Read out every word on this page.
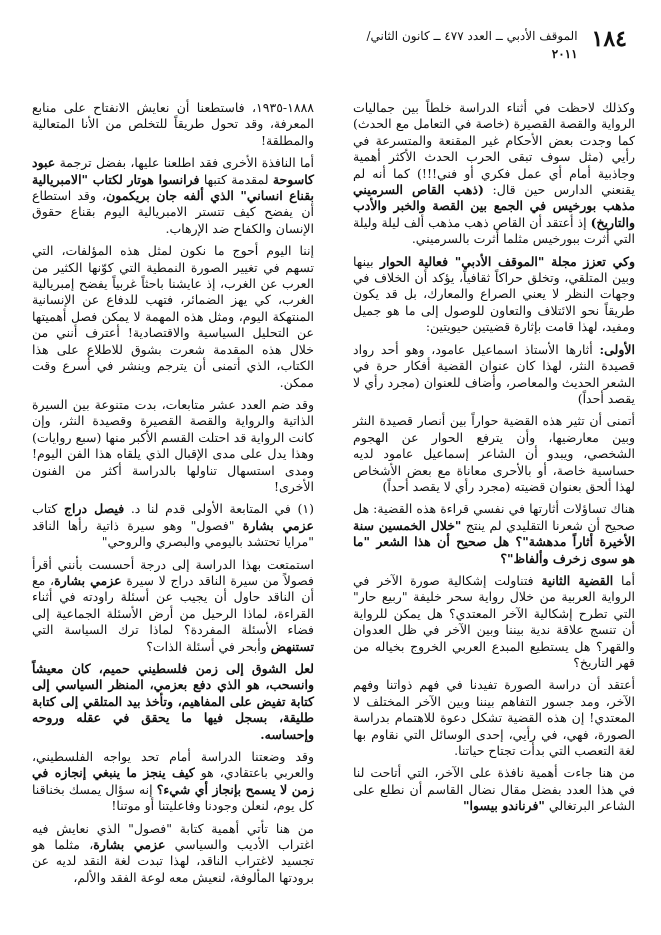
١٨٤
الموقف الأدبي ــ العدد ٤٧٧ ــ كانون الثاني/
٢٠١١

وكذلك لاحظت في أثناء الدراسة خلطاً بين جماليات الرواية والقصة القصيرة (خاصة في التعامل مع الحدث) كما وجدت بعض الأحكام غير المقنعة والمتسرعة في رأيي (مثل سوف تبقى الحرب الحدث الأكثر أهمية وجاذبية أمام أي عمل فكري أو فني!!!) كما أنه لم يقنعني الدارس حين قال: (ذهب القاص السرميني مذهب بورخيس في الجمع بين القصة والخبر والأدب والتاريخ) إذ أعتقد أن القاص ذهب مذهب ألف ليلة وليلة التي أثرت ببورخيس مثلما أثرت بالسرميني.

وكي تعزز مجلة "الموقف الأدبي" فعالية الحوار بينها وبين المتلقي، وتخلق حراكاً ثقافياً، يؤكد أن الخلاف في وجهات النظر لا يعني الصراع والمعارك، بل قد يكون طريقاً نحو الائتلاف والتعاون للوصول إلى ما هو جميل ومفيد، لهذا قامت بإثارة قضيتين حيويتين:

الأولى: أثارها الأستاذ اسماعيل عامود، وهو أحد رواد قصيدة النثر، لهذا كان عنوان القضية أفكار حرة في الشعر الحديث والمعاصر، وأضاف للعنوان (مجرد رأي لا يقصد أحداً)

أتمنى أن تثير هذه القضية حواراً بين أنصار قصيدة النثر وبين معارضيها، وأن يترفع الحوار عن الهجوم الشخصي، ويبدو أن الشاعر إسماعيل عامود لديه حساسية خاصة، أو بالأحرى معاناة مع بعض الأشخاص لهذا ألحق بعنوان قضيته (مجرد رأي لا يقصد أحداً)

هناك تساؤلات أثارتها في نفسي قراءة هذه القضية: هل صحيح أن شعرنا التقليدي لم ينتج "خلال الخمسين سنة الأخيرة أثاراً مدهشة"؟ هل صحيح أن هذا الشعر "ما هو سوى زخرف وألفاظ"؟

أما القضية الثانية فتناولت إشكالية صورة الآخر في الرواية العربية من خلال رواية سحر خليفة "ربيع حار" التي تطرح إشكالية الآخر المعتدي؟ هل يمكن للرواية أن تنسج علاقة ندية بيننا وبين الآخر في ظل العدوان والقهر؟ هل يستطيع المبدع العربي الخروج بخياله من قهر التاريخ؟

أعتقد أن دراسة الصورة تفيدنا في فهم ذواتنا وفهم الآخر، ومد جسور التفاهم بيننا وبين الآخر المختلف لا المعتدي! إن هذه القضية تشكل دعوة للاهتمام بدراسة الصورة، فهي، في رأيي، إحدى الوسائل التي نقاوم بها لغة التعصب التي بدأت تجتاح حياتنا.

من هنا جاءت أهمية نافذة على الآخر، التي أتاحت لنا في هذا العدد بفضل مقال نضال القاسم أن نطلع على الشاعر البرتغالي "فرناندو بيسوا"

١٨٨٨-١٩٣٥، فاستطعنا أن نعايش الانفتاح على منابع المعرفة، وقد تحول طريقاً للتخلص من الأنا المتعالية والمطلقة!

أما النافذة الأخرى فقد اطلعنا عليها، بفضل ترجمة عبود كاسوحة لمقدمة كتبها فرانسوا هوتار لكتاب "الامبريالية بقناع انساني" الذي ألفه جان بريكمون، وقد استطاع أن يفضح كيف تتستر الامبريالية اليوم بقناع حقوق الإنسان والكفاح ضد الإرهاب.

إننا اليوم أحوج ما نكون لمثل هذه المؤلفات، التي تسهم في تغيير الصورة النمطية التي كوّنها الكثير من العرب عن الغرب، إذ عايشنا باحثاً غربياً يفضح إمبريالية الغرب، كي يهز الضمائر، فتهب للدفاع عن الإنسانية المنتهكة اليوم، ومثل هذه المهمة لا يمكن فصل أهميتها عن التحليل السياسية والاقتصادية! أعترف أنني من خلال هذه المقدمة شعرت بشوق للاطلاع على هذا الكتاب، الذي أتمنى أن يترجم وينشر في أسرع وقت ممكن.

وقد ضم العدد عشر متابعات، بدت متنوعة بين السيرة الذاتية والرواية والقصة القصيرة وقصيدة النثر، وإن كانت الرواية قد احتلت القسم الأكبر منها (سبع روايات) وهذا يدل على مدى الإقبال الذي يلقاه هذا الفن اليوم! ومدى استسهال تناولها بالدراسة أكثر من الفنون الأخرى!

(١) في المتابعة الأولى قدم لنا د. فيصل دراج كتاب عزمي بشارة "فصول" وهو سيرة ذاتية رأها الناقد "مرايا تحتشد باليومي والبصري والروحي"

استمتعت بهذا الدراسة إلى درجة أحسست بأنني أقرأ فصولاً من سيرة الناقد دراج لا سيرة عزمي بشارة، مع أن الناقد حاول أن يجيب عن أسئلة راودته في أثناء القراءة، لماذا الرحيل من أرض الأسئلة الجماعية إلى فضاء الأسئلة المفردة؟ لماذا ترك السياسة التي تستنهض وأبحر في أسئلة الذات؟

لعل الشوق إلى زمن فلسطيني حميم، كان معيشاً وانسحب، هو الذي دفع بعزمي، المنظر السياسي إلى كتابة تفيض على المفاهيم، وتأخذ بيد المتلقي إلى كتابة طليقة، بسجل فيها ما يحقق في عقله وروحه وإحساسه.

وقد وضعتنا الدراسة أمام تحد يواجه الفلسطيني، والعربي باعتقادي، هو كيف ينجز ما ينبغي إنجازه في زمن لا يسمح بإنجاز أي شيء؟ إنه سؤال يمسك بخناقنا كل يوم، لنعلن وجودنا وفاعليتنا أو موتنا!

من هنا تأتي أهمية كتابة "فصول" الذي نعايش فيه اغتراب الأديب والسياسي عزمي بشارة، مثلما هو تجسيد لاغتراب الناقد، لهذا تبدت لغة النقد لديه عن برودتها المألوفة، لنعيش معه لوعة الفقد والألم،
